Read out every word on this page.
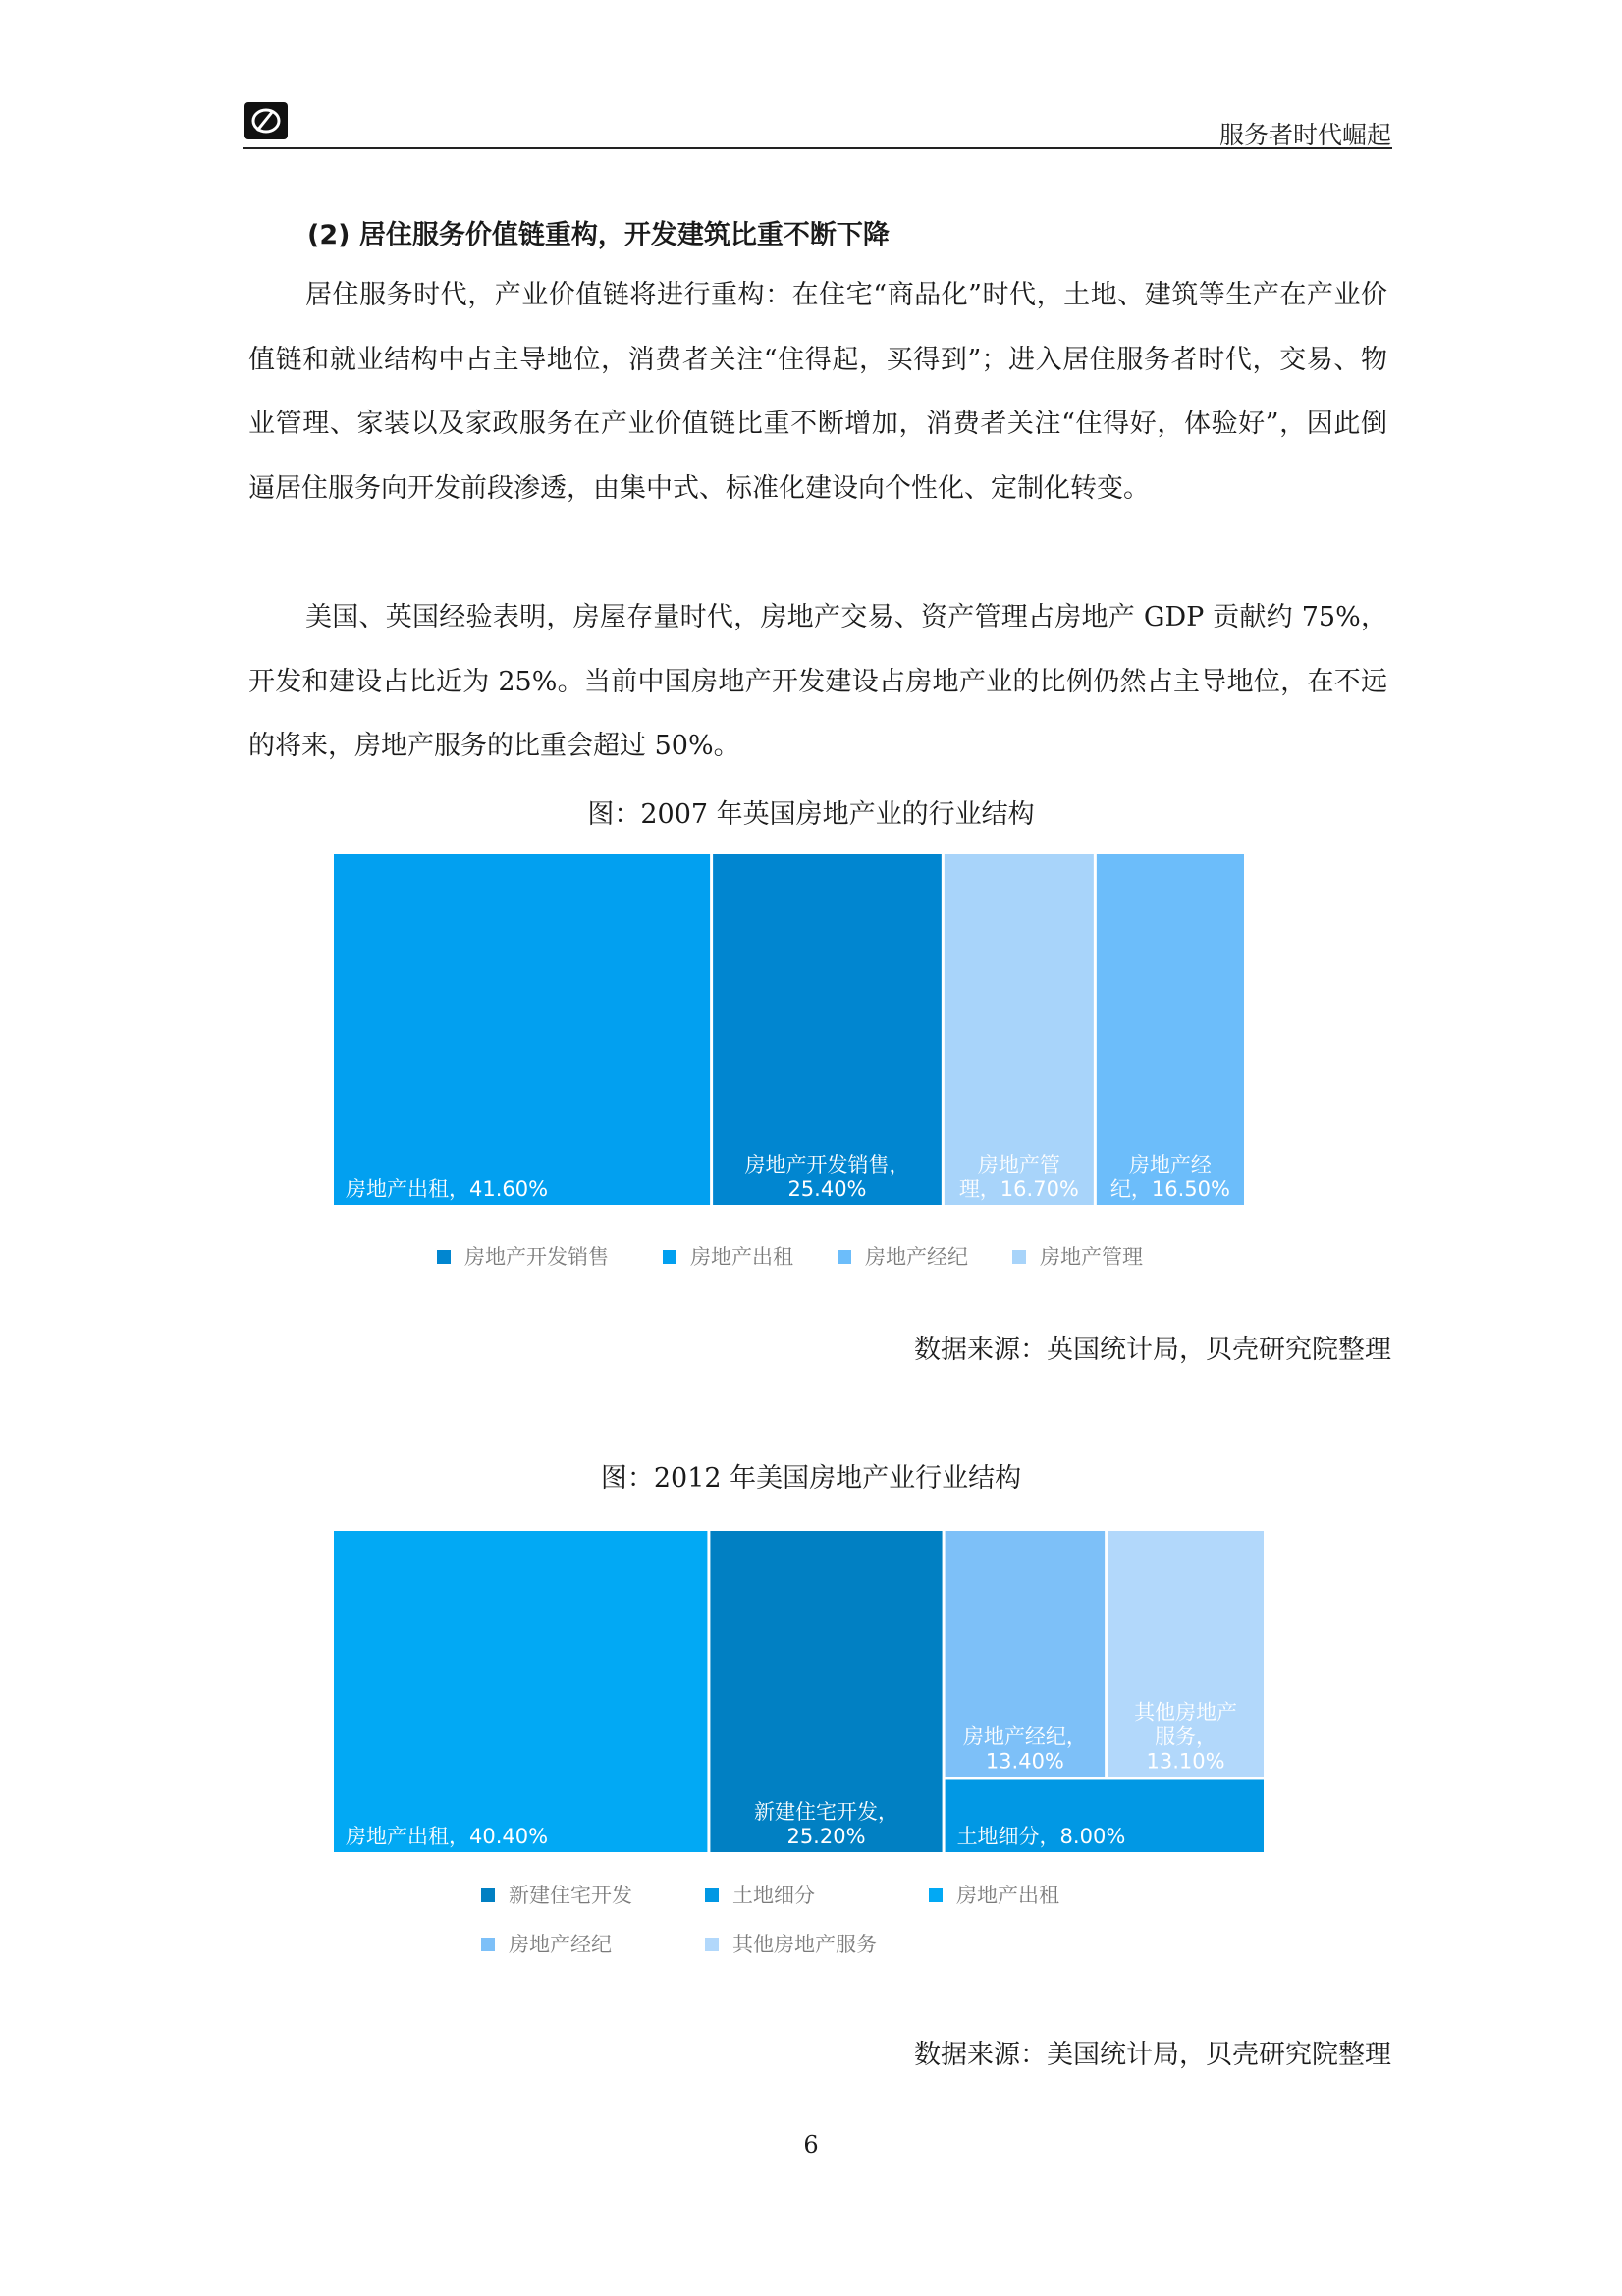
服务者时代崛起
(2) 居住服务价值链重构，开发建筑比重不断下降
居住服务时代，产业价值链将进行重构：在住宅“商品化”时代，土地、建筑等生产在产业价值链和就业结构中占主导地位，消费者关注“住得起，买得到”；进入居住服务者时代，交易、物业管理、家装以及家政服务在产业价值链比重不断增加，消费者关注“住得好，体验好”，因此倒逼居住服务向开发前段渗透，由集中式、标准化建设向个性化、定制化转变。
美国、英国经验表明，房屋存量时代，房地产交易、资产管理占房地产 GDP 贡献约 75%，开发和建设占比近为 25%。当前中国房地产开发建设占房地产业的比例仍然占主导地位，在不远的将来，房地产服务的比重会超过 50%。
图：2007 年英国房地产业的行业结构
房地产出租，41.60%
房地产开发销售，
25.40%
房地产管
理，16.70%
房地产经
纪，16.50%
房地产开发销售	房地产出租	房地产经纪	房地产管理
数据来源：英国统计局，贝壳研究院整理
图：2012 年美国房地产业行业结构
房地产出租，40.40%
新建住宅开发，
25.20%
房地产经纪，
13.40%
其他房地产
服务，
13.10%
土地细分，8.00%
新建住宅开发	土地细分	房地产出租
房地产经纪	其他房地产服务
数据来源：美国统计局，贝壳研究院整理
6
